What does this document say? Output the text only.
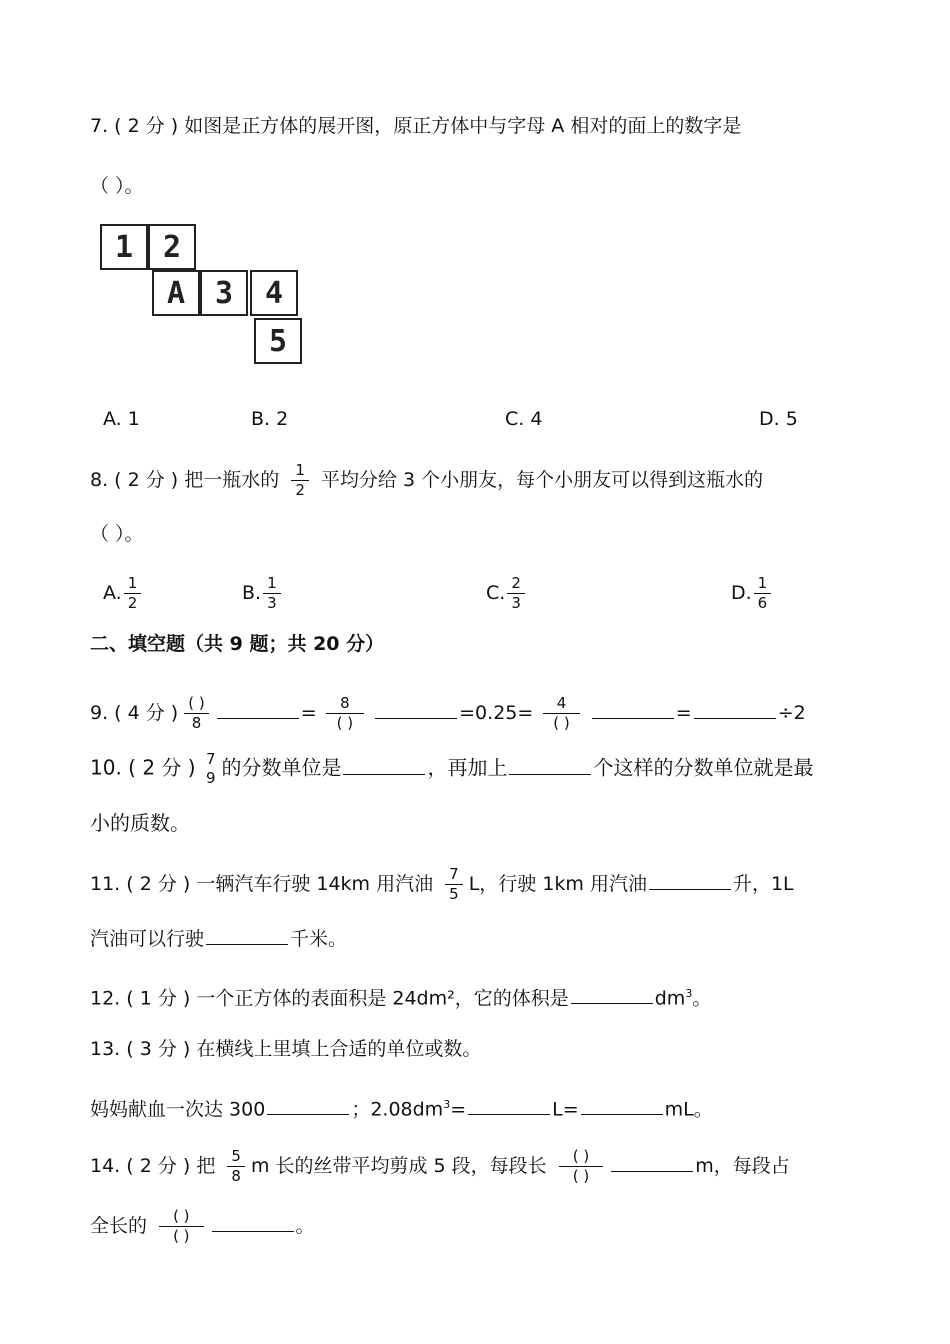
7. ( 2 分 ) 如图是正方体的展开图，原正方体中与字母 A 相对的面上的数字是
（ ）。
1 2
A 3	4
5
A. 1	B. 2	C. 4	D. 5
8. ( 2 分 ) 把一瓶水的 $\frac{1}{2}$ 平均分给 3 个小朋友，每个小朋友可以得到这瓶水的
（ ）。
A. $\frac{1}{2}$	B. $\frac{1}{3}$	C. $\frac{2}{3}$	D. $\frac{1}{6}$
二、填空题（共 9 题；共 20 分）
9. ( 4 分 ) $\frac{( )}{8}$	= $\frac{8}{( )}$	$=0.25= \frac{4}{( )}$	=	÷2
10. ( 2 分 ) 7
9 的分数单位是	，再加上	个这样的分数单位就是最
小的质数。
11. ( 2 分 ) 一辆汽车行驶 14km 用汽油 $\frac{7}{5}$ L，行驶 1km 用汽油	升，1L
汽油可以行驶	千米。
12. ( 1 分 ) 一个正方体的表面积是 24dm²，它的体积是	$dm^3$。
13. ( 3 分 ) 在横线上里填上合适的单位或数。
妈妈献血一次达 300	；$2.08dm^3=$	L=	mL。
14. ( 2 分 ) 把 $\frac{5}{8}$ m 长的丝带平均剪成 5 段，每段长 $\frac{( )}{( )}$	m，每段占
全长的 $\frac{( )}{( )}$	。
